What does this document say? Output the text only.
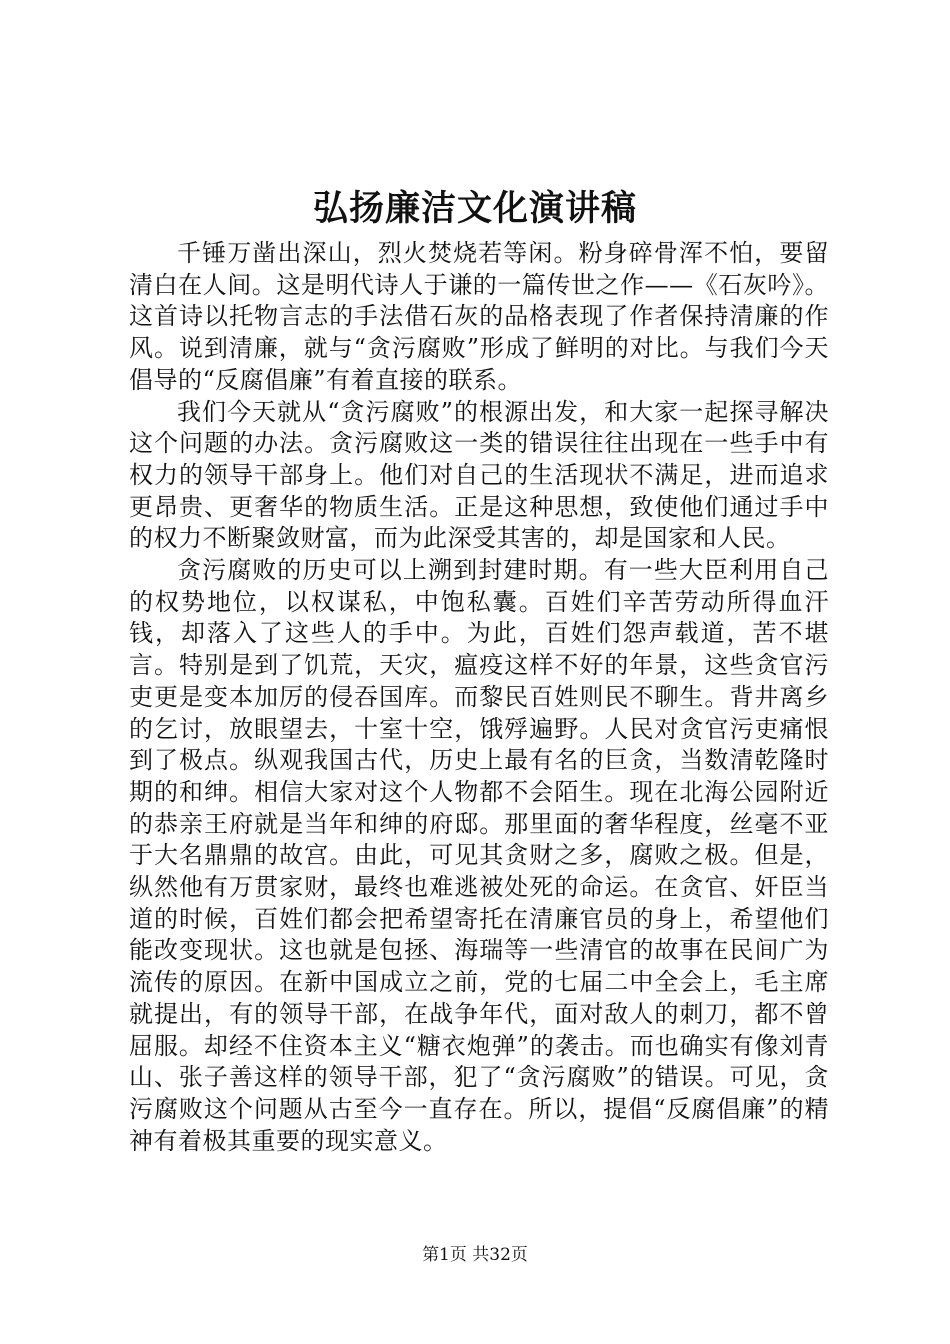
弘扬廉洁文化演讲稿

千锤万凿出深山，烈火焚烧若等闲。粉身碎骨浑不怕，要留清白在人间。这是明代诗人于谦的一篇传世之作——《石灰吟》。这首诗以托物言志的手法借石灰的品格表现了作者保持清廉的作风。说到清廉，就与“贪污腐败”形成了鲜明的对比。与我们今天倡导的“反腐倡廉”有着直接的联系。

我们今天就从“贪污腐败”的根源出发，和大家一起探寻解决这个问题的办法。贪污腐败这一类的错误往往出现在一些手中有权力的领导干部身上。他们对自己的生活现状不满足，进而追求更昂贵、更奢华的物质生活。正是这种思想，致使他们通过手中的权力不断聚敛财富，而为此深受其害的，却是国家和人民。

贪污腐败的历史可以上溯到封建时期。有一些大臣利用自己的权势地位，以权谋私，中饱私囊。百姓们辛苦劳动所得血汗钱，却落入了这些人的手中。为此，百姓们怨声载道，苦不堪言。特别是到了饥荒，天灾，瘟疫这样不好的年景，这些贪官污吏更是变本加厉的侵吞国库。而黎民百姓则民不聊生。背井离乡的乞讨，放眼望去，十室十空，饿殍遍野。人民对贪官污吏痛恨到了极点。纵观我国古代，历史上最有名的巨贪，当数清乾隆时期的和绅。相信大家对这个人物都不会陌生。现在北海公园附近的恭亲王府就是当年和绅的府邸。那里面的奢华程度，丝毫不亚于大名鼎鼎的故宫。由此，可见其贪财之多，腐败之极。但是，纵然他有万贯家财，最终也难逃被处死的命运。在贪官、奸臣当道的时候，百姓们都会把希望寄托在清廉官员的身上，希望他们能改变现状。这也就是包拯、海瑞等一些清官的故事在民间广为流传的原因。在新中国成立之前，党的七届二中全会上，毛主席就提出，有的领导干部，在战争年代，面对敌人的刺刀，都不曾屈服。却经不住资本主义“糖衣炮弹”的袭击。而也确实有像刘青山、张子善这样的领导干部，犯了“贪污腐败”的错误。可见，贪污腐败这个问题从古至今一直存在。所以，提倡“反腐倡廉”的精神有着极其重要的现实意义。

第1页 共32页
